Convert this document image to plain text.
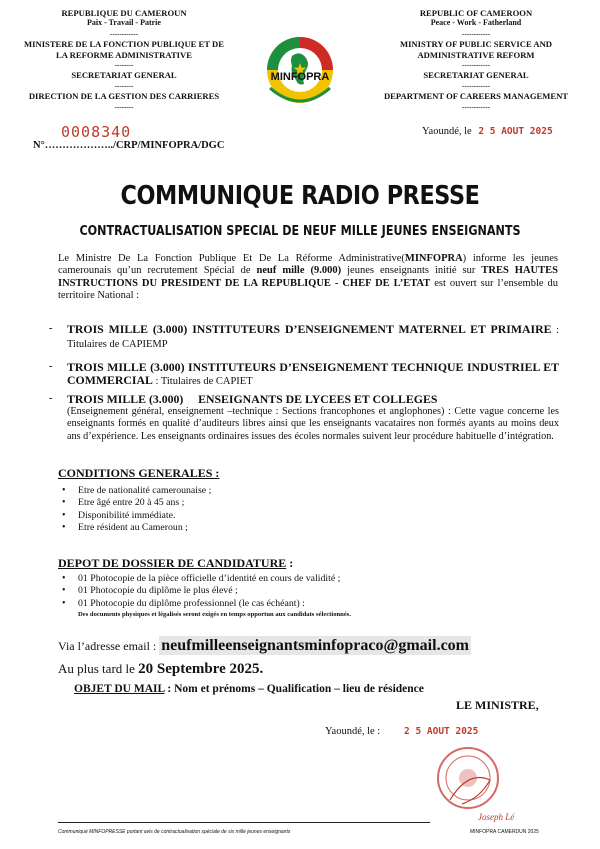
REPUBLIQUE DU CAMEROUN
Paix - Travail - Patrie
------------
MINISTERE DE LA FONCTION PUBLIQUE ET DE
LA REFORME ADMINISTRATIVE
--------
SECRETARIAT GENERAL
--------
DIRECTION DE LA GESTION DES CARRIERES
--------
REPUBLIC OF CAMEROON
Peace - Work - Fatherland
------------
MINISTRY OF PUBLIC SERVICE AND
ADMINISTRATIVE REFORM
------------
SECRETARIAT GENERAL
------------
DEPARTMENT OF CAREERS MANAGEMENT
------------
MINFOPRA
0008340
N°………………../CRP/MINFOPRA/DGC
Yaoundé, le 2 5 AOUT 2025
COMMUNIQUE RADIO PRESSE
CONTRACTUALISATION SPECIAL DE NEUF MILLE JEUNES ENSEIGNANTS
Le Ministre De La Fonction Publique Et De La Réforme Administrative(MINFOPRA) informe les jeunes camerounais qu’un recrutement Spécial de neuf mille (9.000) jeunes enseignants initié sur TRES HAUTES INSTRUCTIONS DU PRESIDENT DE LA REPUBLIQUE - CHEF DE L’ETAT est ouvert sur l’ensemble du territoire National :
- TROIS MILLE (3.000) INSTITUTEURS D’ENSEIGNEMENT MATERNEL ET PRIMAIRE : Titulaires de CAPIEMP
- TROIS MILLE (3.000) INSTITUTEURS D’ENSEIGNEMENT TECHNIQUE INDUSTRIEL ET COMMERCIAL : Titulaires de CAPIET
- TROIS MILLE (3.000)     ENSEIGNANTS DE LYCEES ET COLLEGES
(Enseignement général, enseignement –technique : Sections francophones et anglophones) : Cette vague concerne les enseignants formés en qualité d’auditeurs libres ainsi que les enseignants vacataires non formés ayants au moins deux ans d’expérience. Les enseignants ordinaires issues des écoles normales suivent leur procédure habituelle d’intégration.
CONDITIONS GENERALES :
• Etre de nationalité camerounaise ;
• Etre âgé entre 20 à 45 ans ;
• Disponibilité immédiate.
• Etre résident au Cameroun ;
DEPOT DE DOSSIER DE CANDIDATURE :
• 01 Photocopie de la pièce officielle d’identité en cours de validité ;
• 01 Photocopie du diplôme le plus élevé ;
• 01 Photocopie du diplôme professionnel (le cas échéant) :
Des documents physiques et légalisés seront exigés en temps opportun aux candidats sélectionnés.
Via l’adresse email : neufmilleenseignantsminfopraco@gmail.com
Au plus tard le 20 Septembre 2025.
OBJET DU MAIL : Nom et prénoms – Qualification – lieu de résidence
LE MINISTRE,
Yaoundé, le :	2 5 AOUT 2025
Joseph Lé
Communiqué MINFOPRESSE portant avis de contractualisation spéciale de six mille jeunes enseignants	MINFOPRA CAMERDUN 2025
